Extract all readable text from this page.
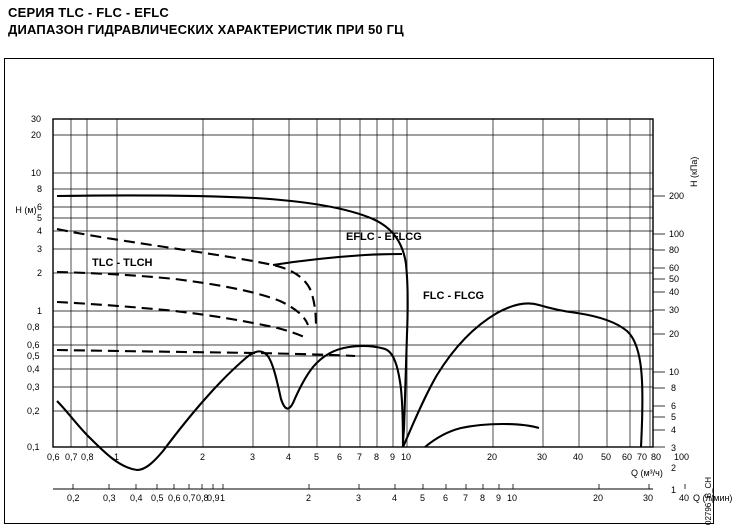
СЕРИЯ TLC - FLC - EFLC
ДИАПАЗОН ГИДРАВЛИЧЕСКИХ ХАРАКТЕРИСТИК ПРИ 50 ГЦ
30
20
10
8
6
5
4
3
2
1
0,8
0,6
0,5
0,4
0,3
0,2
0,1
H (м)
200
100
80
60
50
40
30
20
10
8
6
5
4
3
2
1
H (кПа)
0,6 0,7 0,8 1	2	3	4	5 6 7 8 9 10	20	30	40 50 60 70 80 100
Q (м³/ч)
0,2	0,3 0,4 0,5 0,6 0,7 0,8
0,9 1	2	3	4	5 6 7 8 9 10	20	30	40 Q (л/мин)
TLC - TLCH
EFLC - EFLCG
FLC - FLCG
02796_B_CH
